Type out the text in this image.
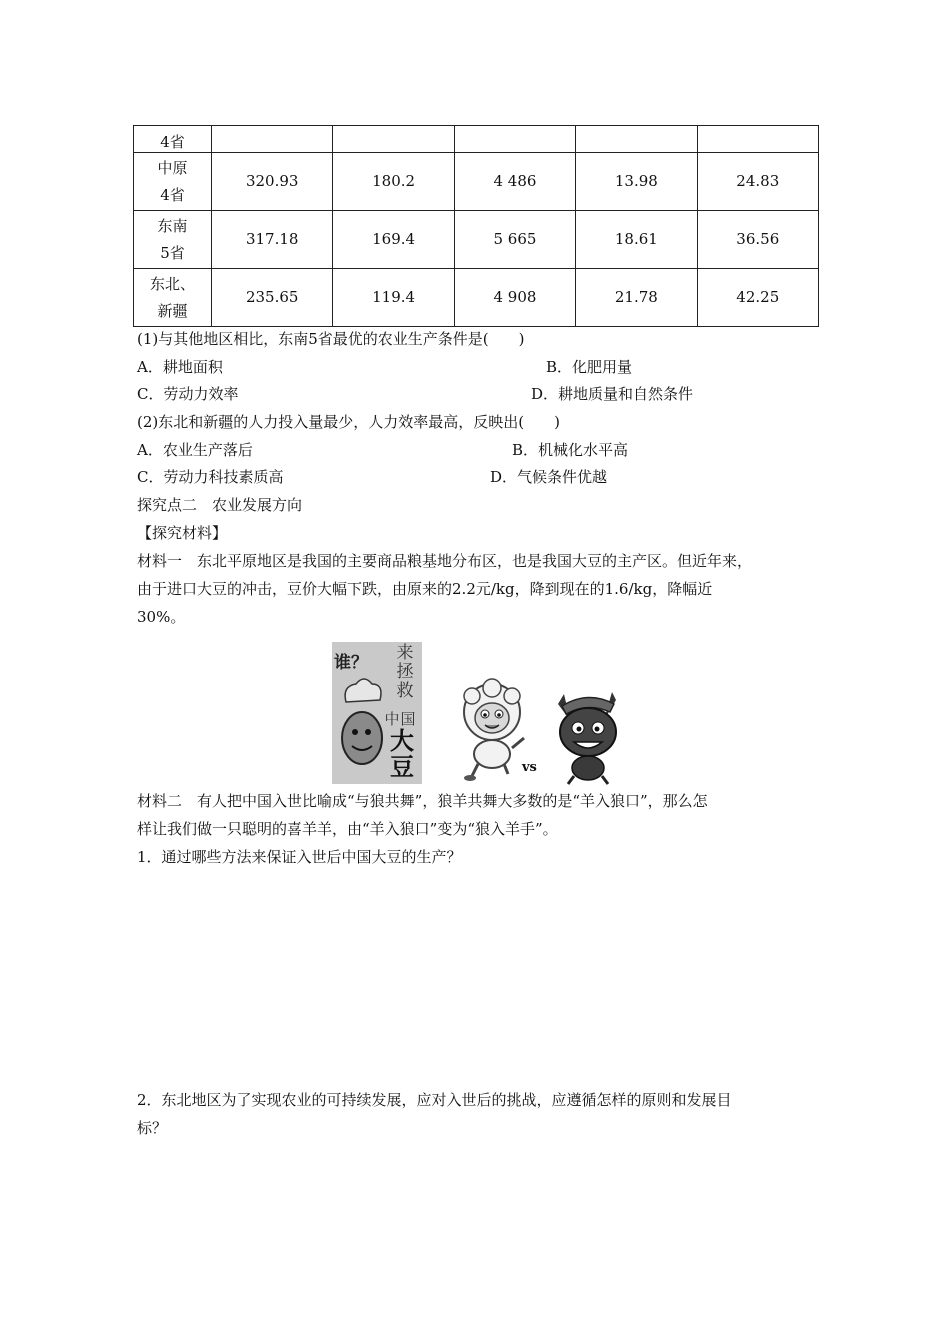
4省					

中原
4省	320.93	180.2	4 486	13.98	24.83

东南
5省	317.18	169.4	5 665	18.61	36.56

东北、
新疆	235.65	119.4	4 908	21.78	42.25
(1)与其他地区相比，东南5省最优的农业生产条件是(　　)
A．耕地面积	B．化肥用量
C．劳动力效率	D．耕地质量和自然条件
(2)东北和新疆的人力投入量最少，人力效率最高，反映出(　　)
A．农业生产落后	B．机械化水平高
C．劳动力科技素质高	D．气候条件优越
探究点二　农业发展方向
【探究材料】
材料一　东北平原地区是我国的主要商品粮基地分布区，也是我国大豆的主产区。但近年来，
由于进口大豆的冲击，豆价大幅下跌，由原来的2.2元/kg，降到现在的1.6/kg，降幅近
30%。
谁？	来
拯
救
中 国
大
豆	vs
材料二　有人把中国入世比喻成“与狼共舞”，狼羊共舞大多数的是“羊入狼口”，那么怎
样让我们做一只聪明的喜羊羊，由“羊入狼口”变为“狼入羊手”。
1．通过哪些方法来保证入世后中国大豆的生产？
2．东北地区为了实现农业的可持续发展，应对入世后的挑战，应遵循怎样的原则和发展目
标？
